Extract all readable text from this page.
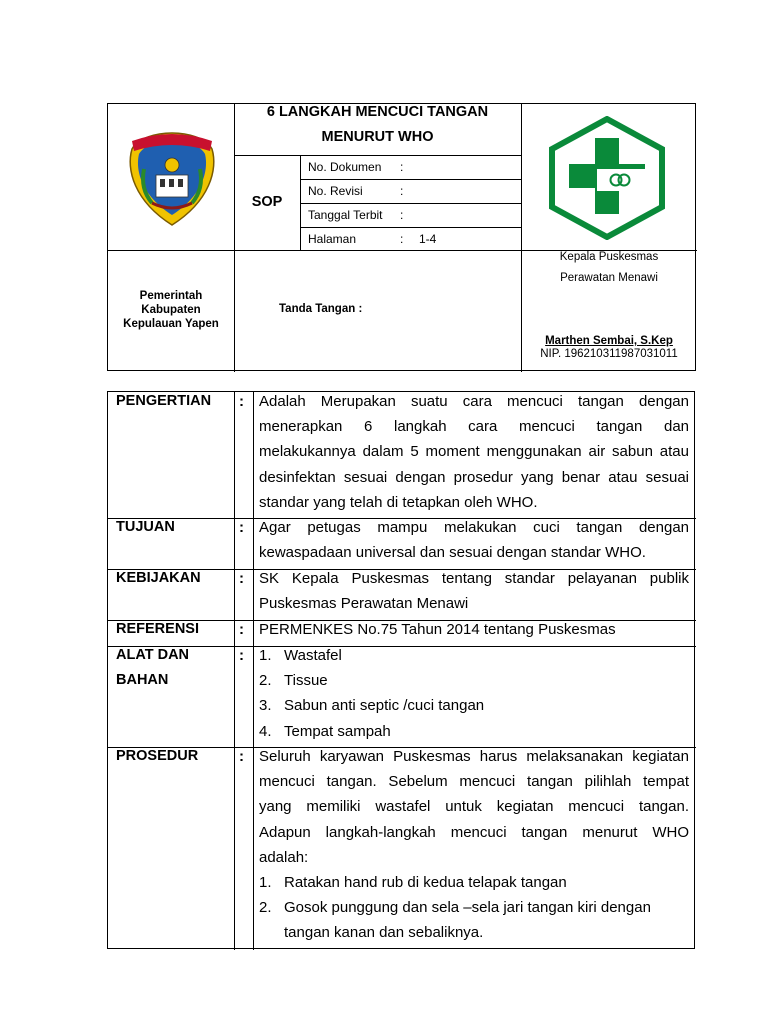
6 LANGKAH MENCUCI TANGAN
MENURUT WHO
SOP
No. Dokumen :
No. Revisi	:
Tanggal Terbit :
Halaman	: 1-4
Pemerintah
Kabupaten
Kepulauan Yapen
Tanda Tangan :
Kepala Puskesmas
Perawatan Menawi
Marthen Sembai, S.Kep
NIP. 196210311987031011
PENGERTIAN : Adalah Merupakan suatu cara mencuci tangan dengan
menerapkan 6 langkah cara mencuci tangan dan
melakukannya dalam 5 moment menggunakan air sabun atau
desinfektan sesuai dengan prosedur yang benar atau sesuai
standar yang telah di tetapkan oleh WHO.
TUJUAN	: Agar petugas mampu melakukan cuci tangan dengan
kewaspadaan universal dan sesuai dengan standar WHO.
KEBIJAKAN	: SK Kepala Puskesmas tentang standar pelayanan publik
Puskesmas Perawatan Menawi
REFERENSI	: PERMENKES No.75 Tahun 2014 tentang Puskesmas
ALAT DAN
BAHAN
: 1. Wastafel
2. Tissue
3. Sabun anti septic /cuci tangan
4. Tempat sampah
PROSEDUR	: Seluruh karyawan Puskesmas harus melaksanakan kegiatan
mencuci tangan. Sebelum mencuci tangan pilihlah tempat
yang memiliki wastafel untuk kegiatan mencuci tangan.
Adapun langkah-langkah mencuci tangan menurut WHO
adalah:
1. Ratakan hand rub di kedua telapak tangan
2. Gosok punggung dan sela –sela jari tangan kiri dengan
tangan kanan dan sebaliknya.
